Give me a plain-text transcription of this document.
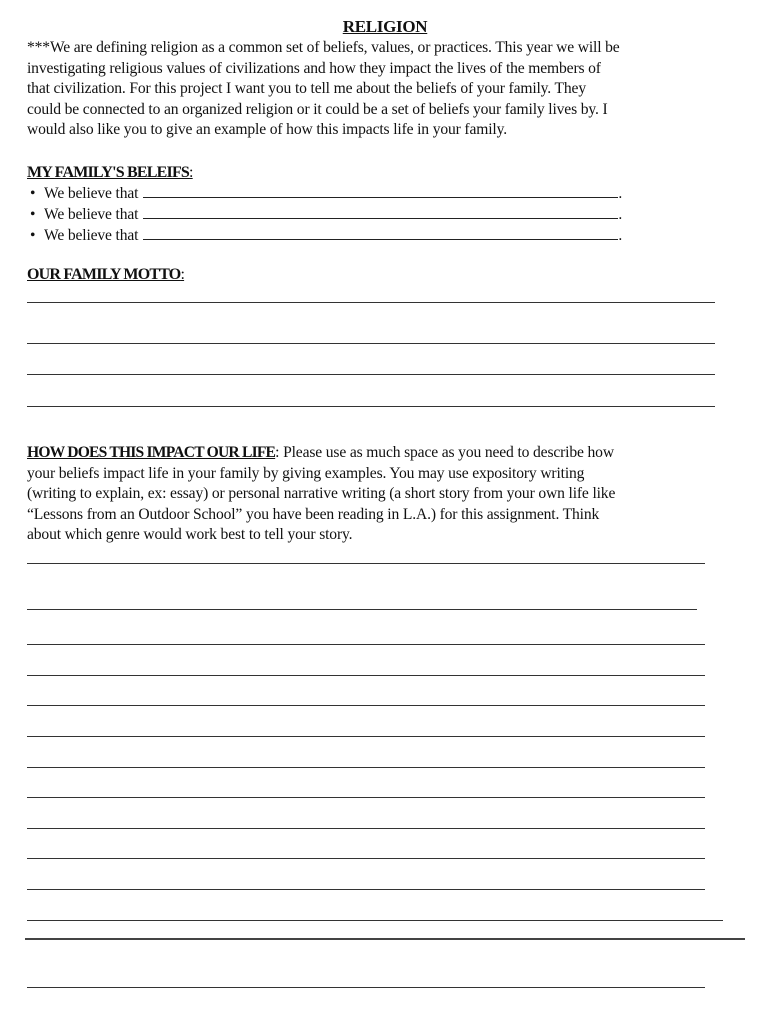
RELIGION
***We are defining religion as a common set of beliefs, values, or practices. This year we will be
investigating religious values of civilizations and how they impact the lives of the members of
that civilization. For this project I want you to tell me about the beliefs of your family. They
could be connected to an organized religion or it could be a set of beliefs your family lives by. I
would also like you to give an example of how this impacts life in your family.
MY FAMILY'S BELEIFS:
• We believe that	.
• We believe that	.
• We believe that	.
OUR FAMILY MOTTO:
HOW DOES THIS IMPACT OUR LIFE: Please use as much space as you need to describe how
your beliefs impact life in your family by giving examples. You may use expository writing
(writing to explain, ex: essay) or personal narrative writing (a short story from your own life like
“Lessons from an Outdoor School” you have been reading in L.A.) for this assignment. Think
about which genre would work best to tell your story.
